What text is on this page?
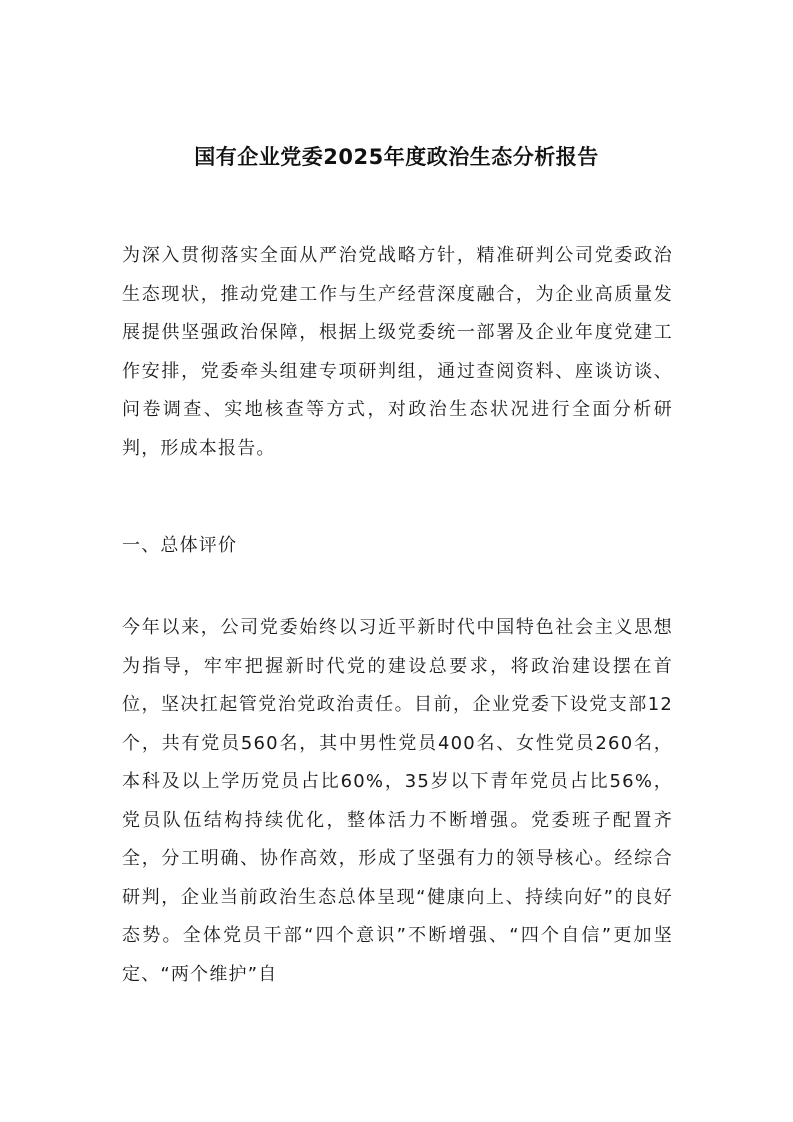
国有企业党委2025年度政治生态分析报告

为深入贯彻落实全面从严治党战略方针，精准研判公司党委政治生态现状，推动党建工作与生产经营深度融合，为企业高质量发展提供坚强政治保障，根据上级党委统一部署及企业年度党建工作安排，党委牵头组建专项研判组，通过查阅资料、座谈访谈、问卷调查、实地核查等方式，对政治生态状况进行全面分析研判，形成本报告。

一、总体评价

今年以来，公司党委始终以习近平新时代中国特色社会主义思想为指导，牢牢把握新时代党的建设总要求，将政治建设摆在首位，坚决扛起管党治党政治责任。目前，企业党委下设党支部12个，共有党员560名，其中男性党员400名、女性党员260名，本科及以上学历党员占比60%，35岁以下青年党员占比56%，党员队伍结构持续优化，整体活力不断增强。党委班子配置齐全，分工明确、协作高效，形成了坚强有力的领导核心。经综合研判，企业当前政治生态总体呈现“健康向上、持续向好”的良好态势。全体党员干部“四个意识”不断增强、“四个自信”更加坚定、“两个维护”自
